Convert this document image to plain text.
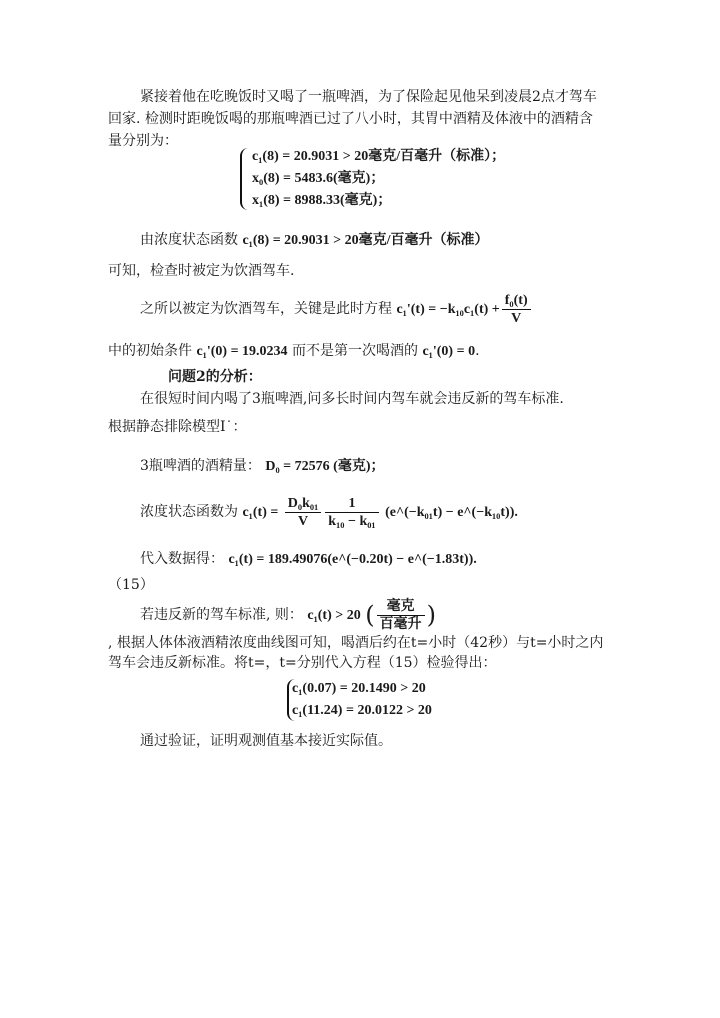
紧接着他在吃晚饭时又喝了一瓶啤酒，为了保险起见他呆到凌晨2点才驾车
回家. 检测时距晚饭喝的那瓶啤酒已过了八小时，其胃中酒精及体液中的酒精含
量分别为：
c₁(8) = 20.9031 > 20毫克/百毫升（标准）；
x₀(8) = 5483.6(毫克)；
x₁(8) = 8988.33(毫克)；
由浓度状态函数 c₁(8) = 20.9031 > 20毫克/百毫升（标准）
可知，检查时被定为饮酒驾车.
之所以被定为饮酒驾车，关键是此时方程 $c_1'(t) = -k_{10}c_1(t) + \frac{\text{f₀(t)}}{V}$
中的初始条件 c₁'(0) = 19.0234 而不是第一次喝酒的 c₁'(0) = 0.
问题2的分析：
在很短时间内喝了3瓶啤酒,问多长时间内驾车就会违反新的驾车标准.
根据静态排除模型Ⅰ˙：
3瓶啤酒的酒精量： D₀ = 72576 (毫克)；
浓度状态函数为 $c_1(t) = \frac{\text{D₀k₀₁}}{V} \frac{1}{\text{k₁₀ − k₀₁}}$ (e^(−k₀₁t) − e^(−k₁₀t)).
代入数据得： c₁(t) = 189.49076(e^(−0.20t) − e^(−1.83t)).
（15）
若违反新的驾车标准, 则： c₁(t) > 20 ( $\frac{\text{毫克}}{\text{百毫升}}$ )
, 根据人体体液酒精浓度曲线图可知，喝酒后约在t=小时（42秒）与t=小时之内
驾车会违反新标准。将t=，t=分别代入方程（15）检验得出：
c₁(0.07) = 20.1490 > 20
c₁(11.24) = 20.0122 > 20
通过验证，证明观测值基本接近实际值。
